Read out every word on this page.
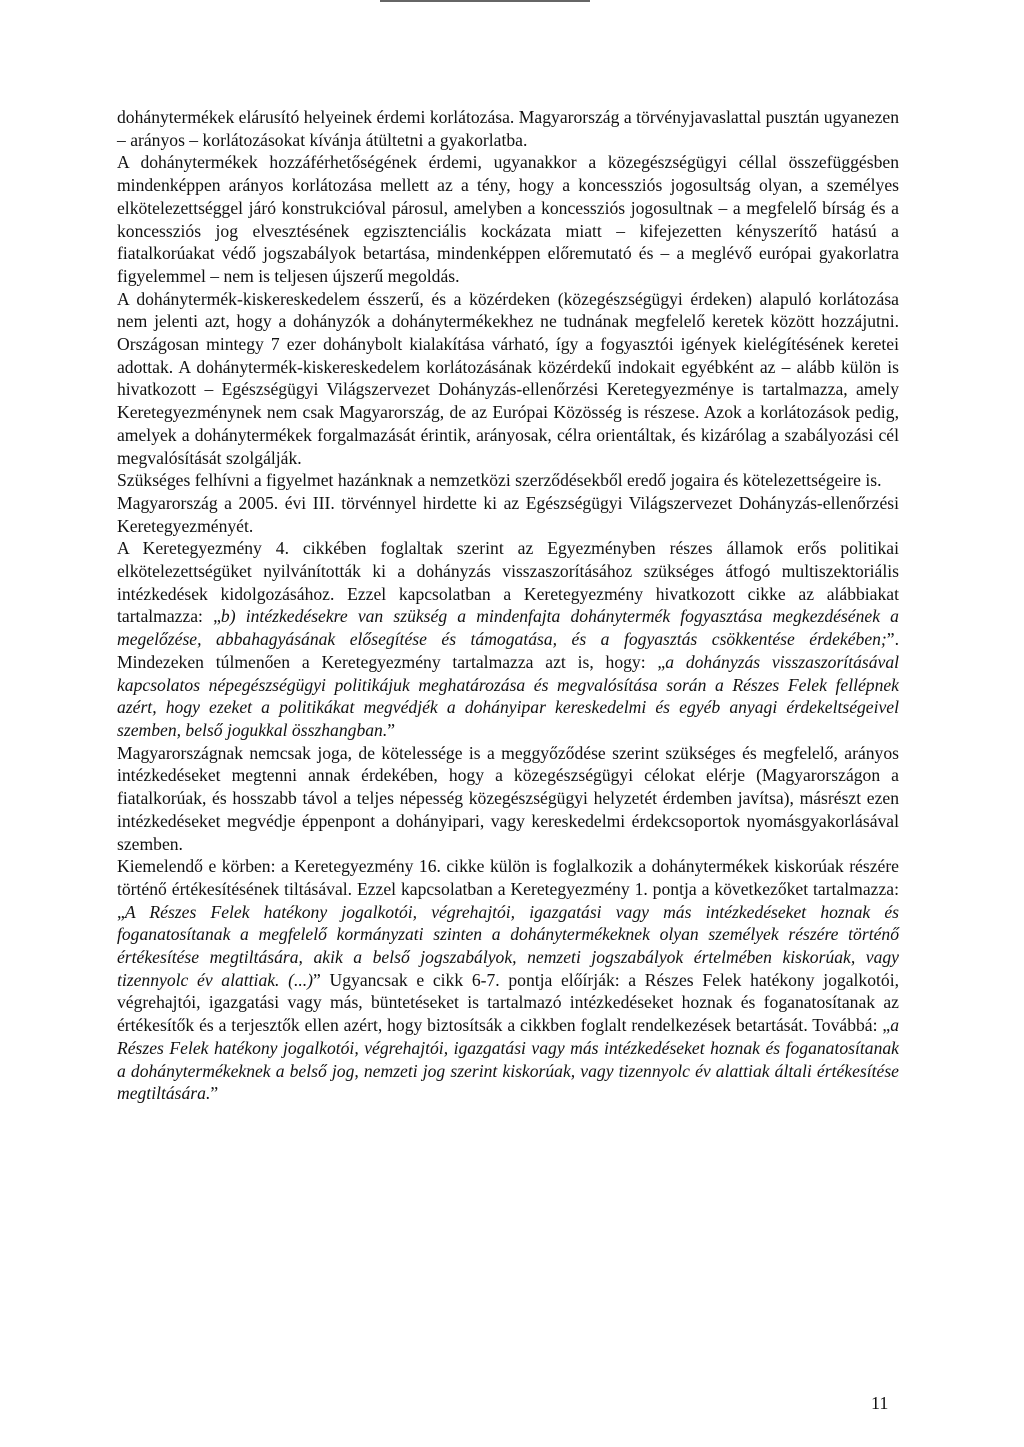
dohánytermékek elárusító helyeinek érdemi korlátozása. Magyarország a törvényjavaslattal pusztán ugyanezen – arányos – korlátozásokat kívánja átültetni a gyakorlatba.

A dohánytermékek hozzáférhetőségének érdemi, ugyanakkor a közegészségügyi céllal összefüggésben mindenképpen arányos korlátozása mellett az a tény, hogy a koncessziós jogosultság olyan, a személyes elkötelezettséggel járó konstrukcióval párosul, amelyben a koncessziós jogosultnak – a megfelelő bírság és a koncessziós jog elvesztésének egzisztenciális kockázata miatt – kifejezetten kényszerítő hatású a fiatalkorúakat védő jogszabályok betartása, mindenképpen előremutató és – a meglévő európai gyakorlatra figyelemmel – nem is teljesen újszerű megoldás.

A dohánytermék-kiskereskedelem ésszerű, és a közérdeken (közegészségügyi érdeken) alapuló korlátozása nem jelenti azt, hogy a dohányzók a dohánytermékekhez ne tudnának megfelelő keretek között hozzájutni. Országosan mintegy 7 ezer dohánybolt kialakítása várható, így a fogyasztói igények kielégítésének keretei adottak. A dohánytermék-kiskereskedelem korlátozásának közérdekű indokait egyébként az – alább külön is hivatkozott – Egészségügyi Világszervezet Dohányzás-ellenőrzési Keretegyezménye is tartalmazza, amely Keretegyezménynek nem csak Magyarország, de az Európai Közösség is részese. Azok a korlátozások pedig, amelyek a dohánytermékek forgalmazását érintik, arányosak, célra orientáltak, és kizárólag a szabályozási cél megvalósítását szolgálják.

Szükséges felhívni a figyelmet hazánknak a nemzetközi szerződésekből eredő jogaira és kötelezettségeire is.

Magyarország a 2005. évi III. törvénnyel hirdette ki az Egészségügyi Világszervezet Dohányzás-ellenőrzési Keretegyezményét.

A Keretegyezmény 4. cikkében foglaltak szerint az Egyezményben részes államok erős politikai elkötelezettségüket nyilvánították ki a dohányzás visszaszorításához szükséges átfogó multiszektoriális intézkedések kidolgozásához. Ezzel kapcsolatban a Keretegyezmény hivatkozott cikke az alábbiakat tartalmazza: „b) intézkedésekre van szükség a mindenfajta dohánytermék fogyasztása megkezdésének a megelőzése, abbahagyásának elősegítése és támogatása, és a fogyasztás csökkentése érdekében;”. Mindezeken túlmenően a Keretegyezmény tartalmazza azt is, hogy: „a dohányzás visszaszorításával kapcsolatos népegészségügyi politikájuk meghatározása és megvalósítása során a Részes Felek fellépnek azért, hogy ezeket a politikákat megvédjék a dohányipar kereskedelmi és egyéb anyagi érdekeltségeivel szemben, belső jogukkal összhangban.”

Magyarországnak nemcsak joga, de kötelessége is a meggyőződése szerint szükséges és megfelelő, arányos intézkedéseket megtenni annak érdekében, hogy a közegészségügyi célokat elérje (Magyarországon a fiatalkorúak, és hosszabb távol a teljes népesség közegészségügyi helyzetét érdemben javítsa), másrészt ezen intézkedéseket megvédje éppenpont a dohányipari, vagy kereskedelmi érdekcsoportok nyomásgyakorlásával szemben.

Kiemelendő e körben: a Keretegyezmény 16. cikke külön is foglalkozik a dohánytermékek kiskorúak részére történő értékesítésének tiltásával. Ezzel kapcsolatban a Keretegyezmény 1. pontja a következőket tartalmazza: „A Részes Felek hatékony jogalkotói, végrehajtói, igazgatási vagy más intézkedéseket hoznak és foganatosítanak a megfelelő kormányzati szinten a dohánytermékeknek olyan személyek részére történő értékesítése megtiltására, akik a belső jogszabályok, nemzeti jogszabályok értelmében kiskorúak, vagy tizennyolc év alattiak. (...)” Ugyancsak e cikk 6-7. pontja előírják: a Részes Felek hatékony jogalkotói, végrehajtói, igazgatási vagy más, büntetéseket is tartalmazó intézkedéseket hoznak és foganatosítanak az értékesítők és a terjesztők ellen azért, hogy biztosítsák a cikkben foglalt rendelkezések betartását. Továbbá: „a Részes Felek hatékony jogalkotói, végrehajtói, igazgatási vagy más intézkedéseket hoznak és foganatosítanak a dohánytermékeknek a belső jog, nemzeti jog szerint kiskorúak, vagy tizennyolc év alattiak általi értékesítése megtiltására.”

11
